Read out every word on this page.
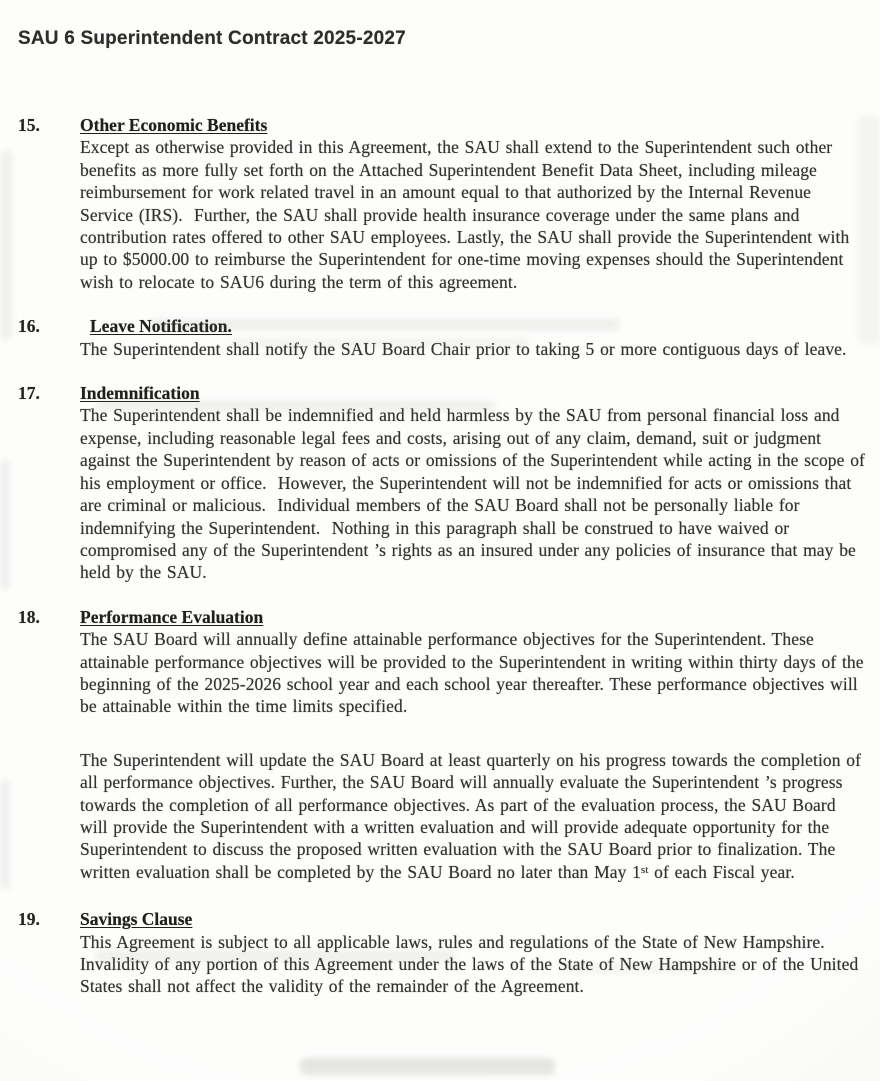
SAU 6 Superintendent Contract 2025-2027
15.	Other Economic Benefits

Except as otherwise provided in this Agreement, the SAU shall extend to the Superintendent such other benefits as more fully set forth on the Attached Superintendent Benefit Data Sheet, including mileage reimbursement for work related travel in an amount equal to that authorized by the Internal Revenue Service (IRS).  Further, the SAU shall provide health insurance coverage under the same plans and contribution rates offered to other SAU employees. Lastly, the SAU shall provide the Superintendent with up to $5000.00 to reimburse the Superintendent for one-time moving expenses should the Superintendent wish to relocate to SAU6 during the term of this agreement.

16.	Leave Notification.

The Superintendent shall notify the SAU Board Chair prior to taking 5 or more contiguous days of leave.

17.	Indemnification

The Superintendent shall be indemnified and held harmless by the SAU from personal financial loss and expense, including reasonable legal fees and costs, arising out of any claim, demand, suit or judgment against the Superintendent by reason of acts or omissions of the Superintendent while acting in the scope of his employment or office.  However, the Superintendent will not be indemnified for acts or omissions that are criminal or malicious.  Individual members of the SAU Board shall not be personally liable for indemnifying the Superintendent.  Nothing in this paragraph shall be construed to have waived or compromised any of the Superintendent ’s rights as an insured under any policies of insurance that may be held by the SAU.

18.	Performance Evaluation

The SAU Board will annually define attainable performance objectives for the Superintendent. These attainable performance objectives will be provided to the Superintendent in writing within thirty days of the beginning of the 2025-2026 school year and each school year thereafter. These performance objectives will be attainable within the time limits specified.

The Superintendent will update the SAU Board at least quarterly on his progress towards the completion of all performance objectives. Further, the SAU Board will annually evaluate the Superintendent ’s progress towards the completion of all performance objectives. As part of the evaluation process, the SAU Board will provide the Superintendent with a written evaluation and will provide adequate opportunity for the Superintendent to discuss the proposed written evaluation with the SAU Board prior to finalization. The written evaluation shall be completed by the SAU Board no later than May 1st of each Fiscal year.

19.	Savings Clause

This Agreement is subject to all applicable laws, rules and regulations of the State of New Hampshire.  Invalidity of any portion of this Agreement under the laws of the State of New Hampshire or of the United States shall not affect the validity of the remainder of the Agreement.
